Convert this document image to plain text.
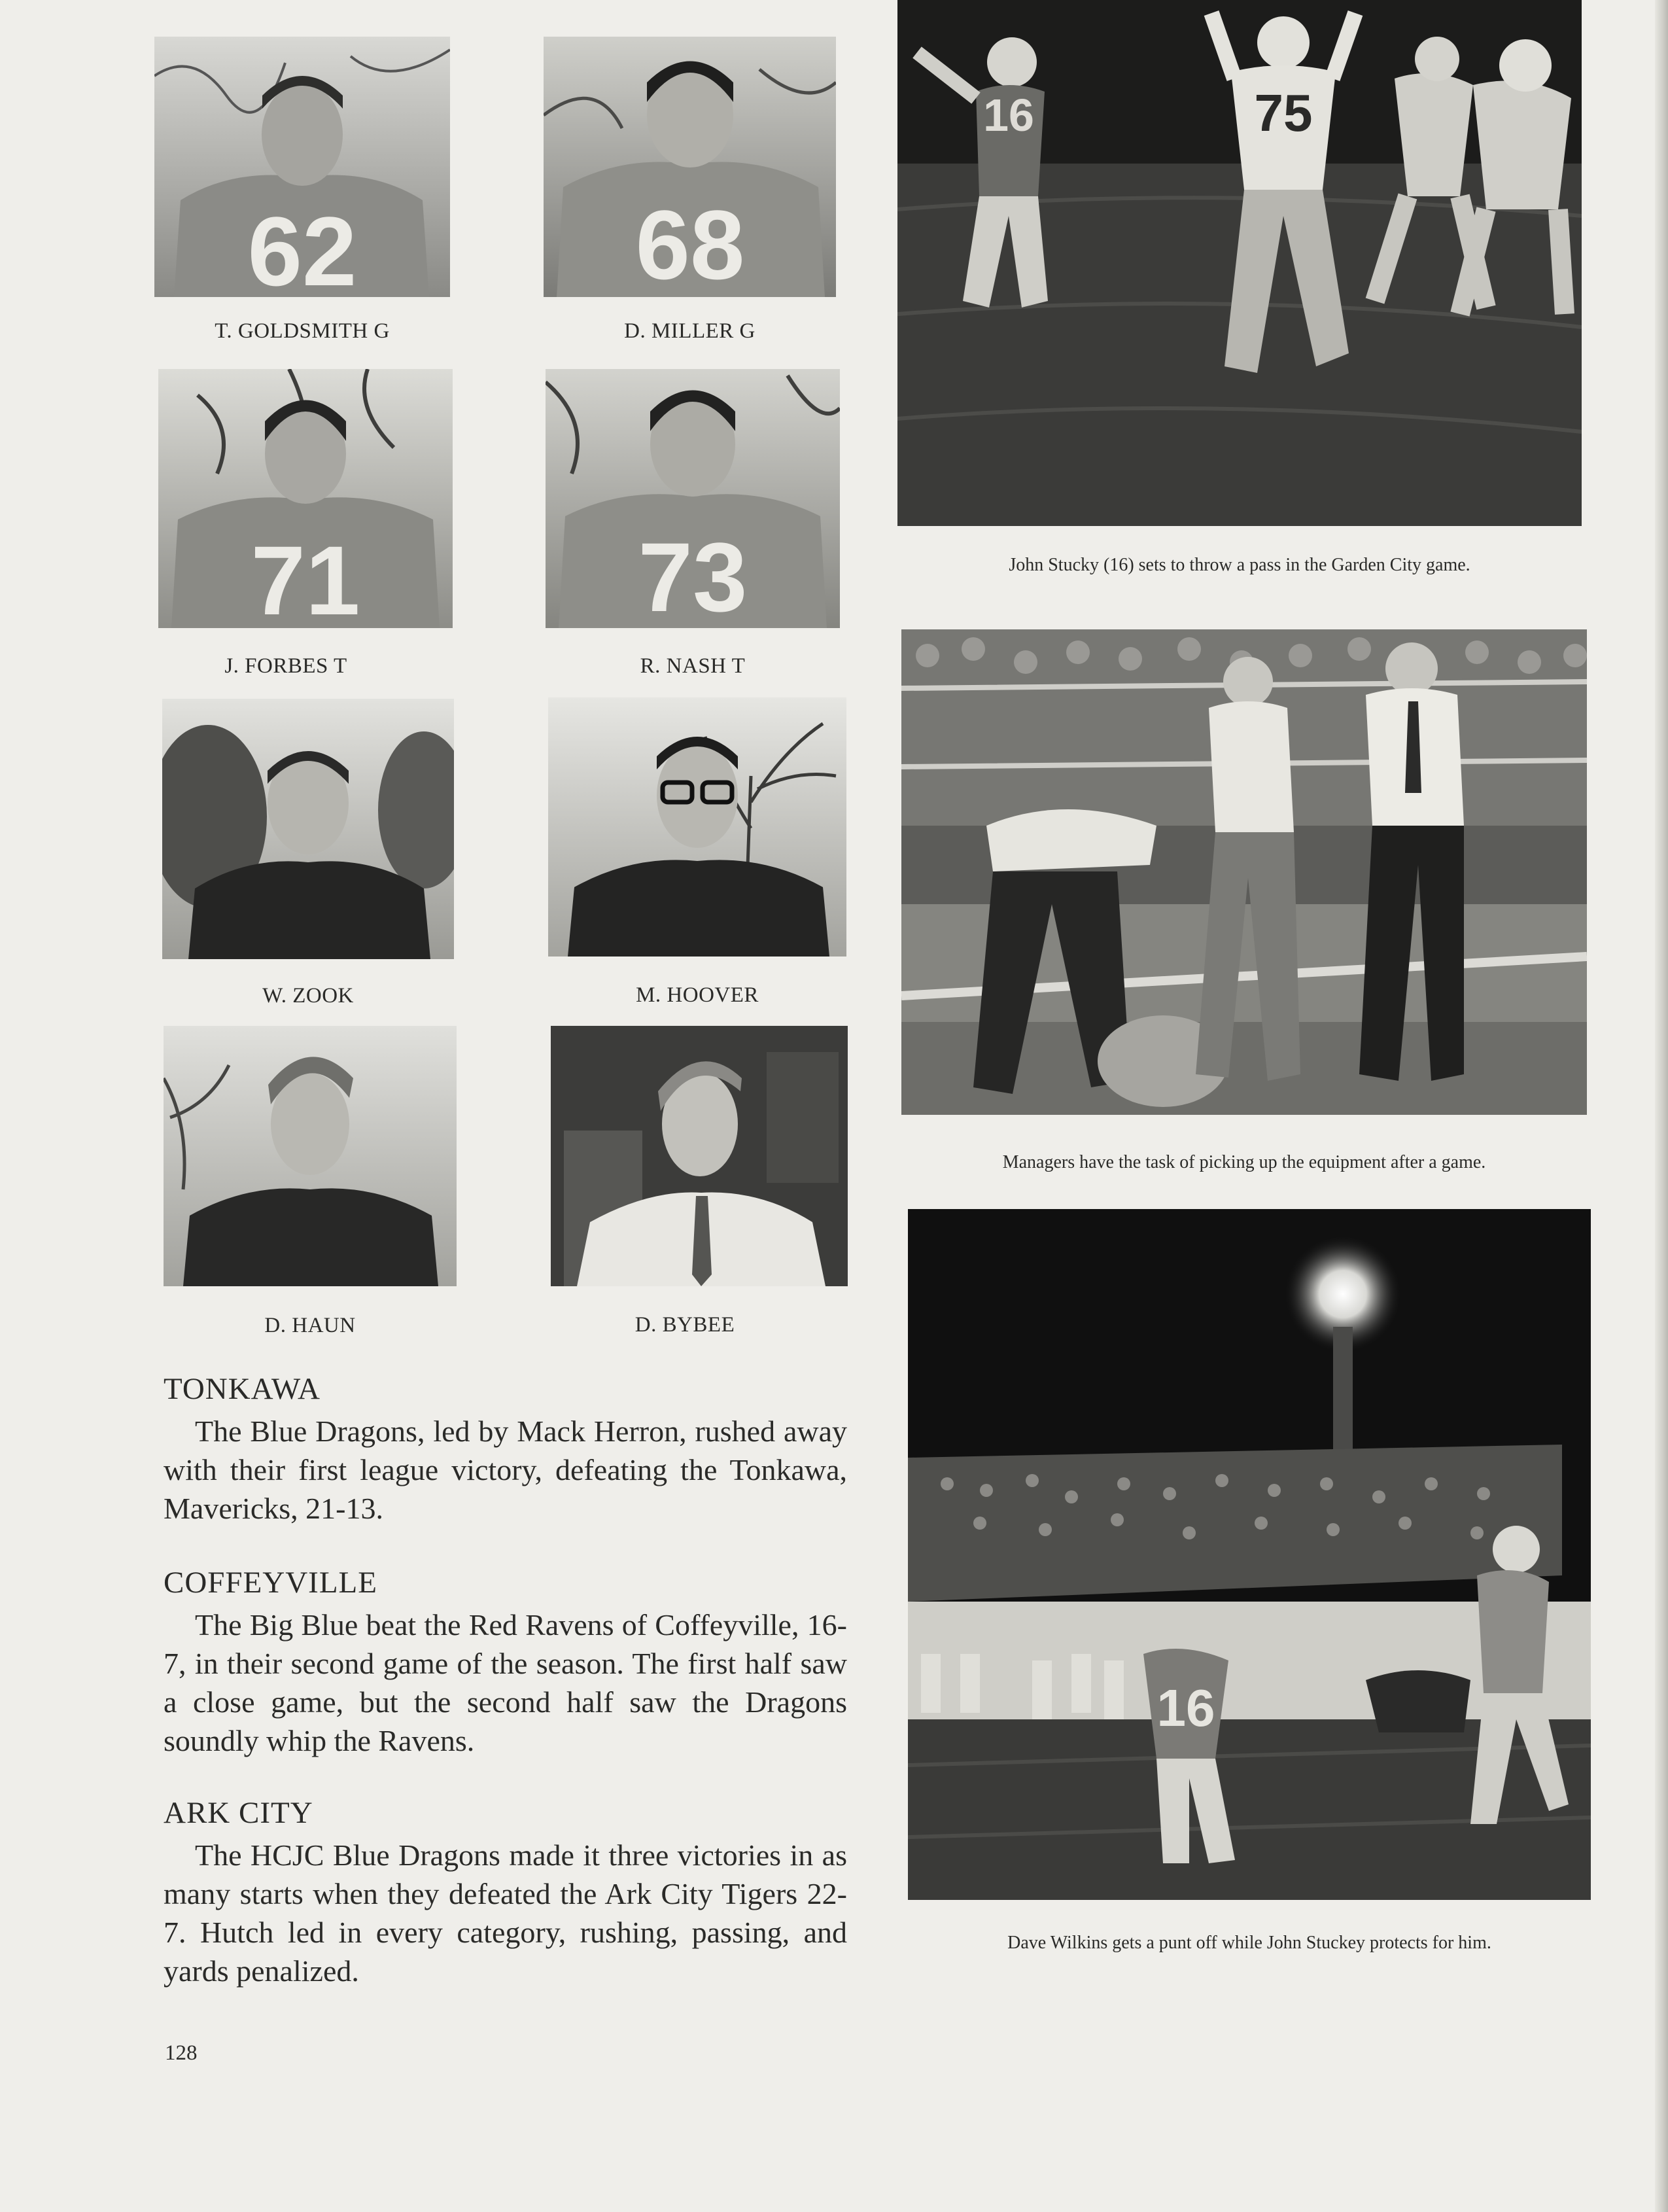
62
T. GOLDSMITH G
68
D. MILLER G
71
J. FORBES T
73
R. NASH T
W. ZOOK	M. HOOVER
D. HAUN	D. BYBEE
16	75
John Stucky (16) sets to throw a pass in the Garden City game.
Managers have the task of picking up the equipment after a game.
16
Dave Wilkins gets a punt off while John Stuckey protects for him.
TONKAWA

The Blue Dragons, led by Mack Herron, rushed away with their first league victory, defeating the Tonkawa, Mavericks, 21-13.

COFFEYVILLE

The Big Blue beat the Red Ravens of Coffeyville, 16-7, in their second game of the season. The first half saw a close game, but the second half saw the Dragons soundly whip the Ravens.

ARK CITY

The HCJC Blue Dragons made it three victories in as many starts when they defeated the Ark City Tigers 22-7. Hutch led in every category, rushing, passing, and yards penalized.

128
